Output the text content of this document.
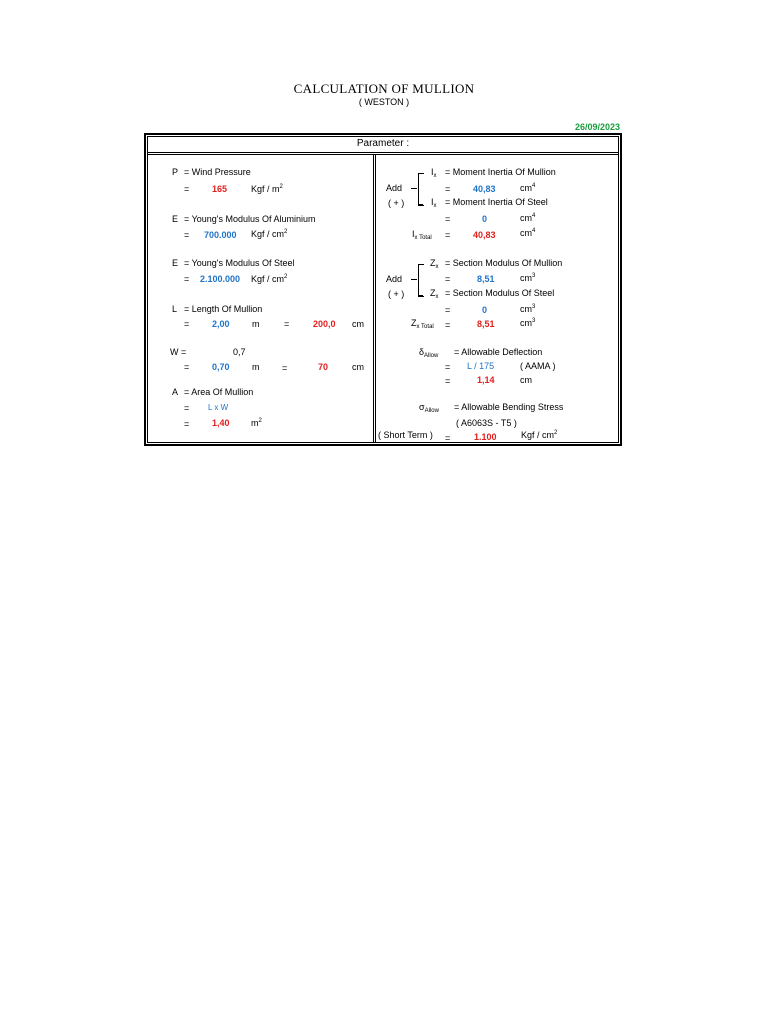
CALCULATION OF MULLION
( WESTON )
26/09/2023
Parameter :
P = Wind Pressure
=	165	Kgf / $m^2$
E = Young's Modulus Of Aluminium
= 700.000 Kgf / $cm^2$
E = Young's Modulus Of Steel
= 2.100.000 Kgf / $cm^2$
L = Length Of Mullion
=	2,00 m	=	200,0 cm
W =	0,7
=	0,70 m	=	70	cm
A = Area Of Mullion
= L x W
=	1,40 $m^2$
Add
( + )
$I_x$ = Moment Inertia Of Mullion
=	40,83	$cm^4$
$I_x$ = Moment Inertia Of Steel
=	0	$cm^4$
$I_{x Total}$ =	40,83	$cm^4$
Add
( + )
$Z_x$ = Section Modulus Of Mullion
=	8,51	$cm^3$
$Z_x$ = Section Modulus Of Steel
=	0	$cm^3$
$Z_{x Total}$ =	8,51	$cm^3$
$\delta_{Allow}$ = Allowable Deflection
= L / 175	( AAMA )
=	1,14	cm
$\sigma_{Allow}$ = Allowable Bending Stress
( A6063S - T5 )
( Short Term ) =	1.100	Kgf / $cm^2$
